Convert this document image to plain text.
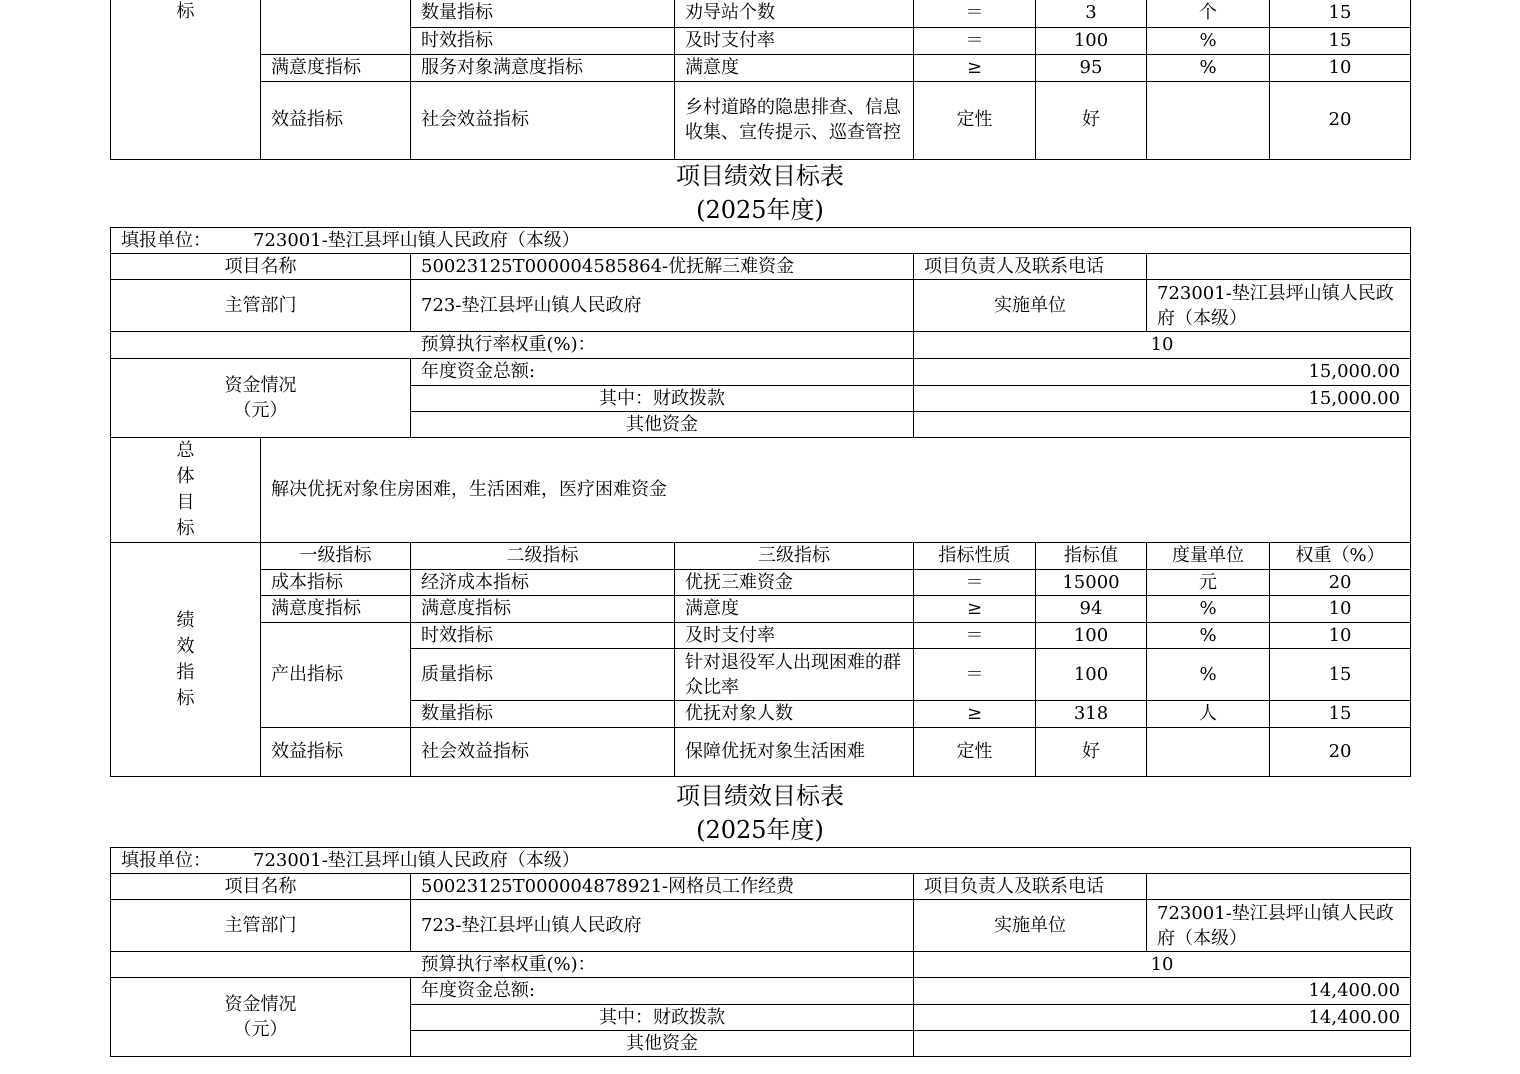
标		数量指标	劝导站个数	＝	3	个	15
		时效指标	及时支付率	＝	100	%	15
	满意度指标	服务对象满意度指标	满意度	≥	95	%	10
	效益指标	社会效益指标	乡村道路的隐患排查、信息收集、宣传提示、巡查管控	定性	好		20
项目绩效目标表
(2025年度)
填报单位： 723001-垫江县坪山镇人民政府（本级）							
项目名称		50023125T000004585864-优抚解三难资金		项目负责人及联系电话			
主管部门		723-垫江县坪山镇人民政府		实施单位		723001-垫江县坪山镇人民政府（本级）	
		预算执行率权重(%)：		10			

资金情况
（元）		年度资金总额:		15,000.00			
		其中：财政拨款		15,000.00			
		其他资金					

总
体
目
标	解决优抚对象住房困难，生活困难，医疗困难资金						

绩
效
指
标	一级指标	二级指标	三级指标	指标性质	指标值	度量单位	权重（%）
	成本指标	经济成本指标	优抚三难资金	＝	15000	元	20
	满意度指标	满意度指标	满意度	≥	94	%	10
	产出指标	时效指标	及时支付率	＝	100	%	10
		质量指标	针对退役军人出现困难的群众比率	＝	100	%	15
		数量指标	优抚对象人数	≥	318	人	15
	效益指标	社会效益指标	保障优抚对象生活困难	定性	好		20
项目绩效目标表
(2025年度)
填报单位： 723001-垫江县坪山镇人民政府（本级）			
项目名称	50023125T000004878921-网格员工作经费	项目负责人及联系电话	
主管部门	723-垫江县坪山镇人民政府	实施单位	723001-垫江县坪山镇人民政府（本级）
	预算执行率权重(%)：	10	

资金情况
（元）	年度资金总额:	14,400.00	
	其中：财政拨款	14,400.00	
	其他资金		
